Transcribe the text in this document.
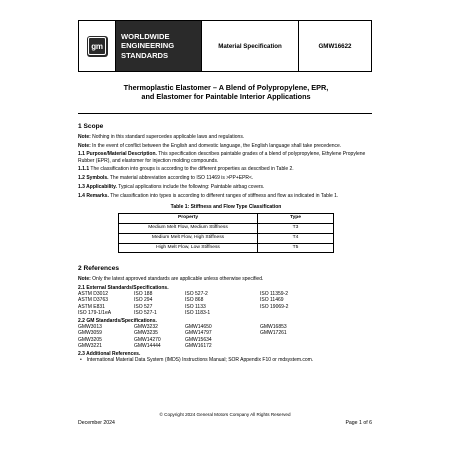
gm
WORLDWIDE
ENGINEERING
STANDARDS
Material Specification	GMW16622
Thermoplastic Elastomer – A Blend of Polypropylene, EPR,
and Elastomer for Paintable Interior Applications
1 Scope

Note: Nothing in this standard supercedes applicable laws and regulations.

Note: In the event of conflict between the English and domestic language, the English language shall take precedence.

1.1 Purpose/Material Description. This specification describes paintable grades of a blend of polypropylene, Ethylene Propylene Rubber (EPR), and elastomer for injection molding compounds.

1.1.1 The classification into groups is according to the different properties as described in Table 2.

1.2 Symbols. The material abbreviation according to ISO 11469 is >PP+EPR<.

1.3 Applicability. Typical applications include the following: Paintable airbag covers.

1.4 Remarks. The classification into types is according to different ranges of stiffness and flow as indicated in Table 1.

Table 1: Stiffness and Flow Type Classification
Property	Type
Medium Melt Flow, Medium Stiffness	T3
Medium Melt Flow, High Stiffness	T4
High Melt Flow, Low Stiffness	T5
2 References

Note: Only the latest approved standards are applicable unless otherwise specified.

2.1 External Standards/Specifications.
ASTM D3012	ISO 188	ISO 527-2	ISO 11359-2
ASTM D3763	ISO 294	ISO 868	ISO 11469
ASTM E831	ISO 527	ISO 1133	ISO 19069-2
ISO 179-1/1eA	ISO 527-1	ISO 1183-1
2.2 GM Standards/Specifications.
GMW3013	GMW3232	GMW14650	GMW16853
GMW3059	GMW3235	GMW14797	GMW17261
GMW3205	GMW14270	GMW15634
GMW3221	GMW14444	GMW16172
2.3 Additional References.
• International Material Data System (IMDS) Instructions Manual; SOR Appendix F10 or mdsystem.com.
© Copyright 2024 General Motors Company All Rights Reserved
December 2024	Page 1 of 6
